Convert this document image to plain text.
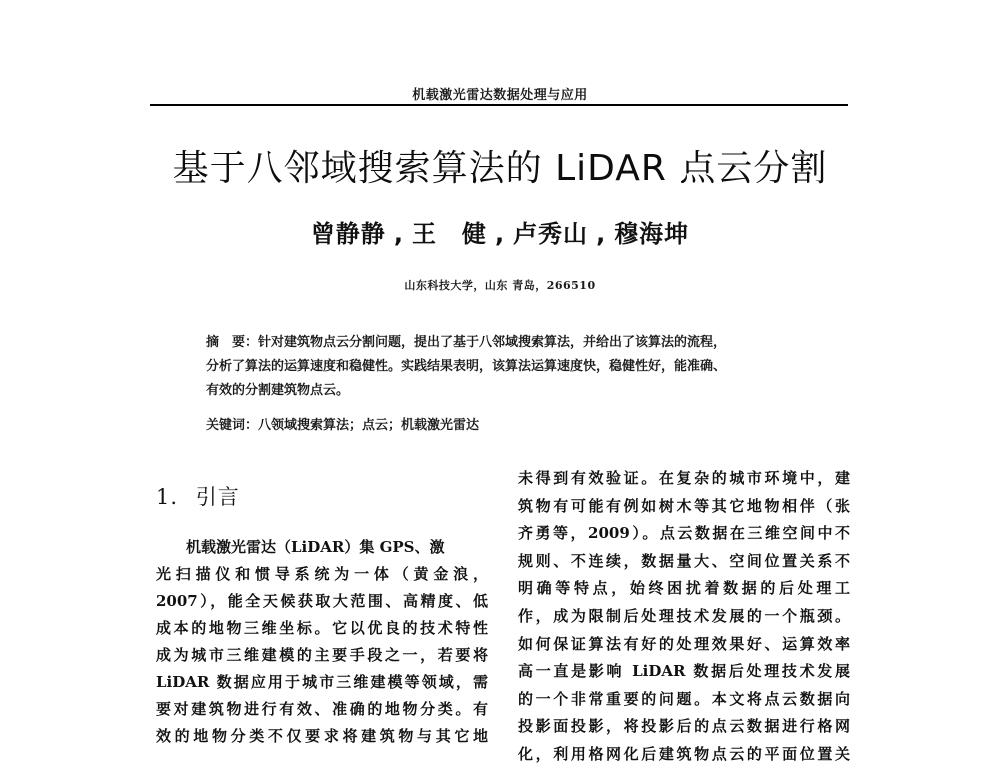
机载激光雷达数据处理与应用
基于八邻域搜索算法的 LiDAR 点云分割
曾静静 , 王　健 , 卢秀山 , 穆海坤
山东科技大学，山东 青岛，266510
摘　要：针对建筑物点云分割问题，提出了基于八邻域搜索算法，并给出了该算法的流程，
分析了算法的运算速度和稳健性。实践结果表明，该算法运算速度快，稳健性好，能准确、
有效的分割建筑物点云。
关键词：八领域搜索算法；点云；机载激光雷达
1. 引言
机载激光雷达（LiDAR）集 GPS、激
光扫描仪和惯导系统为一体（黄金浪，
2007），能全天候获取大范围、高精度、低
成本的地物三维坐标。它以优良的技术特性
成为城市三维建模的主要手段之一，若要将
LiDAR 数据应用于城市三维建模等领域，需
要对建筑物进行有效、准确的地物分类。有
效的地物分类不仅要求将建筑物与其它地
未得到有效验证。在复杂的城市环境中，建
筑物有可能有例如树木等其它地物相伴（张
齐勇等，2009）。点云数据在三维空间中不
规则、不连续，数据量大、空间位置关系不
明确等特点，始终困扰着数据的后处理工
作，成为限制后处理技术发展的一个瓶颈。
如何保证算法有好的处理效果好、运算效率
高一直是影响 LiDAR 数据后处理技术发展
的一个非常重要的问题。本文将点云数据向
投影面投影，将投影后的点云数据进行格网
化，利用格网化后建筑物点云的平面位置关
